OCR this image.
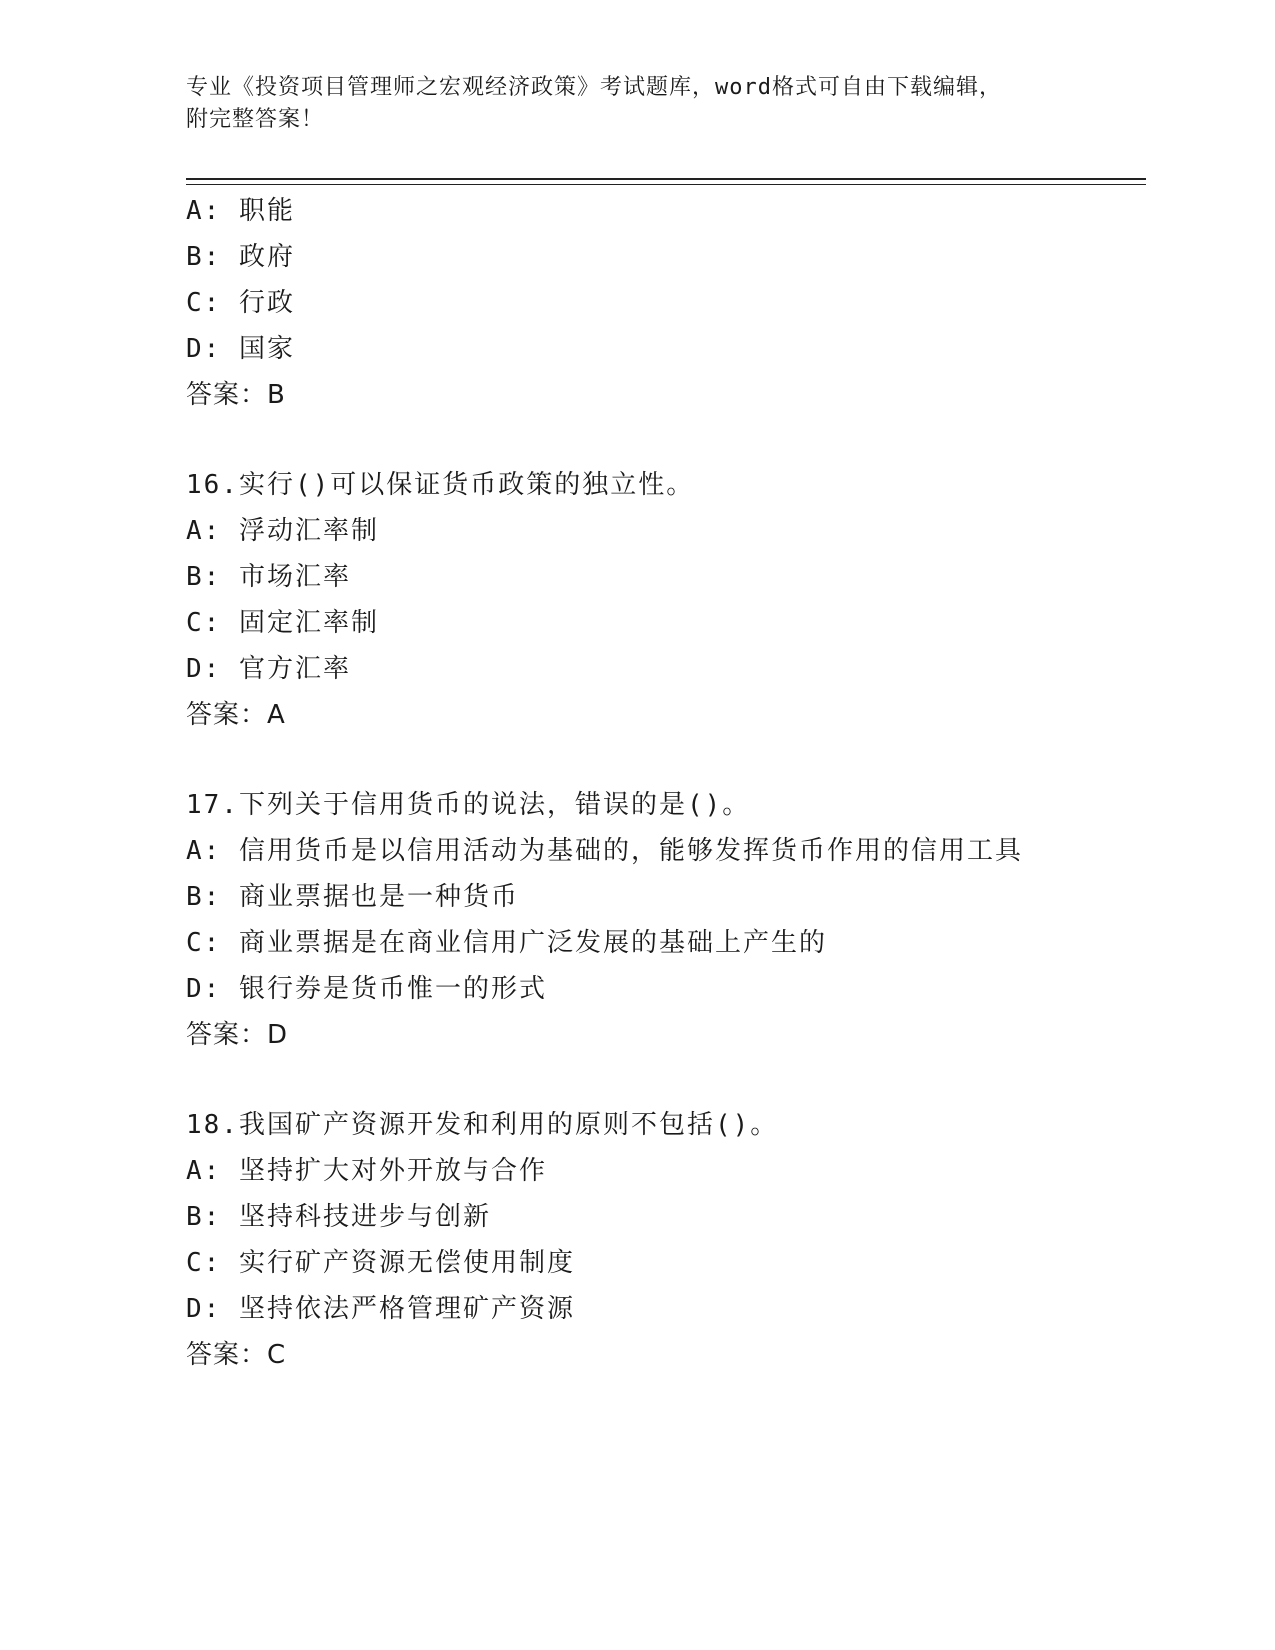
专业《投资项目管理师之宏观经济政策》考试题库，word格式可自由下载编辑，
附完整答案！
A: 职能
B: 政府
C: 行政
D: 国家
答案：B
16.实行()可以保证货币政策的独立性。
A: 浮动汇率制
B: 市场汇率
C: 固定汇率制
D: 官方汇率
答案：A
17.下列关于信用货币的说法，错误的是()。
A: 信用货币是以信用活动为基础的，能够发挥货币作用的信用工具
B: 商业票据也是一种货币
C: 商业票据是在商业信用广泛发展的基础上产生的
D: 银行券是货币惟一的形式
答案：D
18.我国矿产资源开发和利用的原则不包括()。
A: 坚持扩大对外开放与合作
B: 坚持科技进步与创新
C: 实行矿产资源无偿使用制度
D: 坚持依法严格管理矿产资源
答案：C
